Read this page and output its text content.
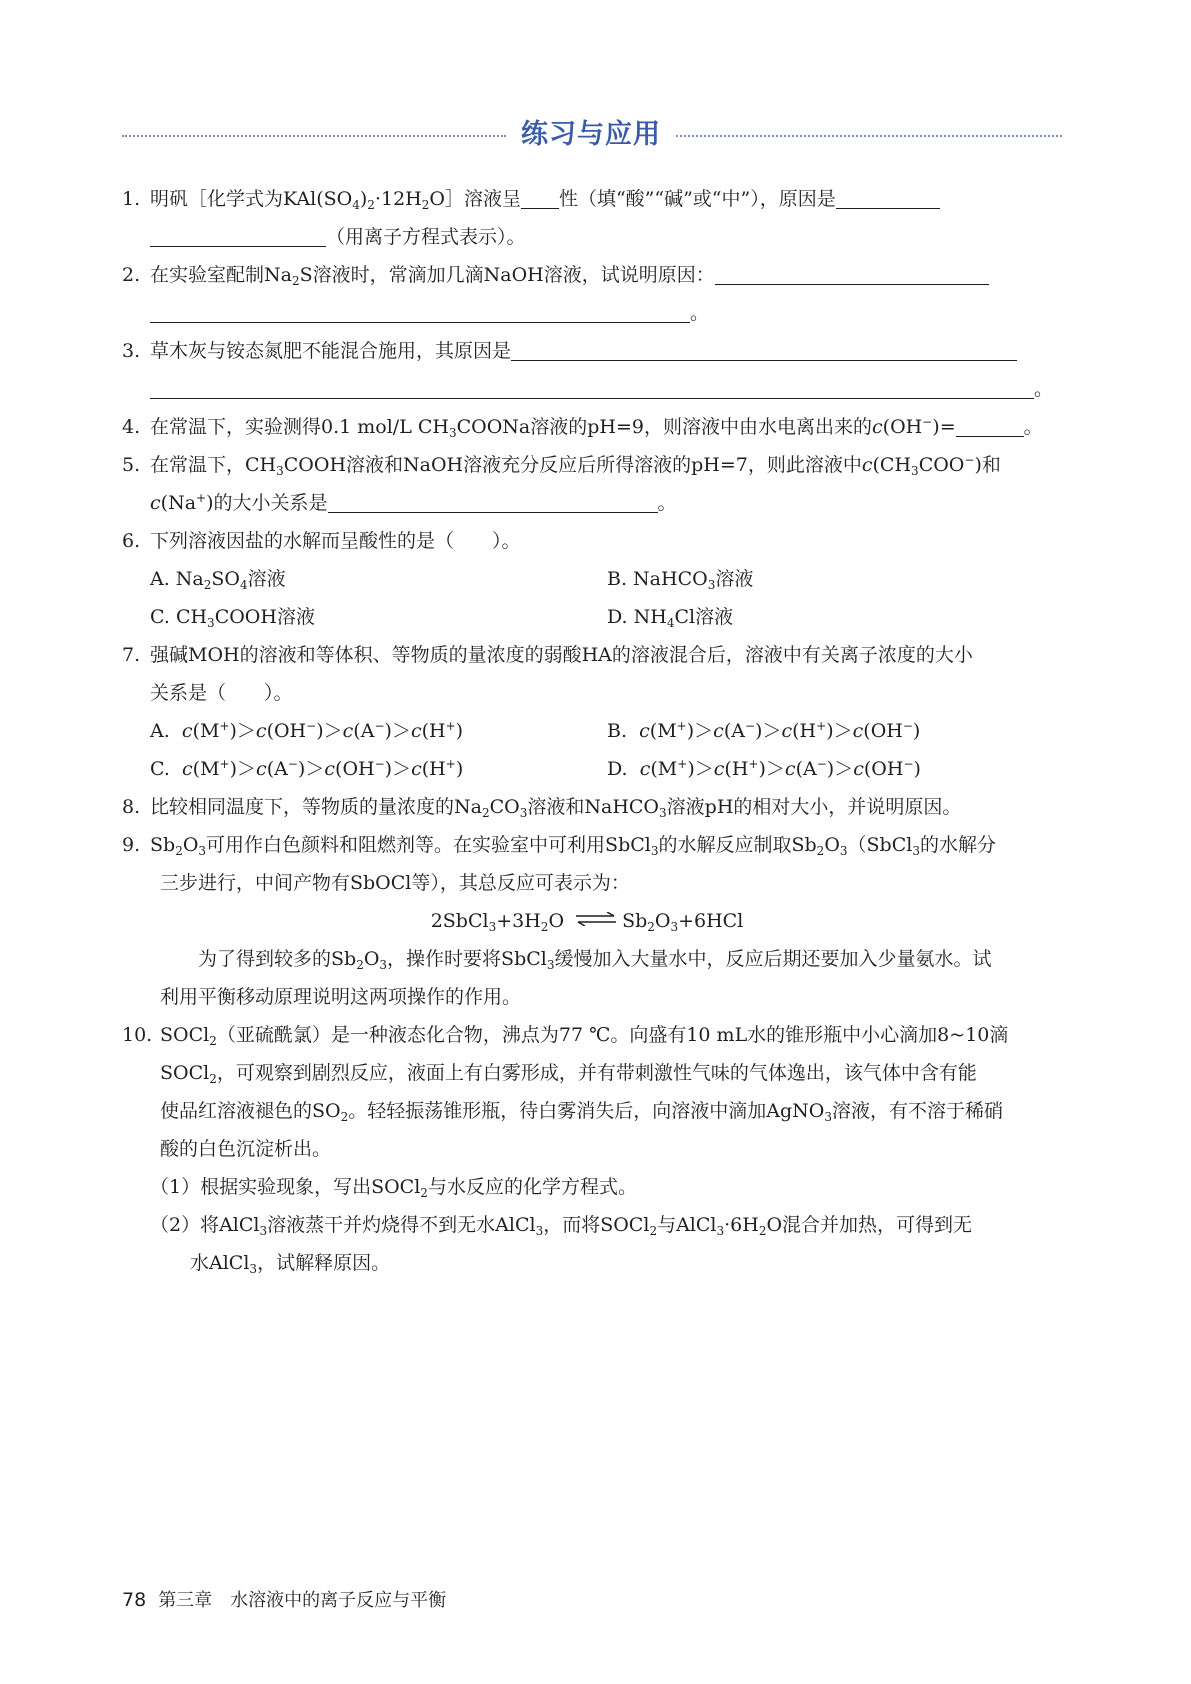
练习与应用
1. 明矾［化学式为$KAl(SO_4)_2\cdot 12H_2O]$溶液呈 性（填“酸”“碱”或“中”），原因是
（用离子方程式表示）。
2. 在实验室配制$Na_2S$溶液时，常滴加几滴NaOH溶液，试说明原因：
。
3. 草木灰与铵态氮肥不能混合施用，其原因是
。
4. 在常温下，实验测得0.1 mol/L $CH_3COONa$溶液的pH=9，则溶液中由水电离出来的c(OH−)=	。
5. 在常温下，$CH_3COOH$溶液和NaOH溶液充分反应后所得溶液的pH=7，则此溶液中$c(CH_3COO^-)$和
c(Na+)的大小关系是	。
6. 下列溶液因盐的水解而呈酸性的是（　　）。
A. $Na_2SO_4$溶液	B. NaHCO$_3$溶液
C. $CH_3COOH$溶液	D. $NH_4Cl$溶液
7. 强碱MOH的溶液和等体积、等物质的量浓度的弱酸HA的溶液混合后，溶液中有关离子浓度的大小
关系是（　　）。
A. c(M+)＞c(OH−)＞c(A−)＞c(H+)	B. c(M+)＞c(A−)＞c(H+)＞c(OH−)
C. c(M+)＞c(A−)＞c(OH−)＞c(H+)	D. c(M+)＞c(H+)＞c(A−)＞c(OH−)
8. 比较相同温度下，等物质的量浓度的$Na_2CO_3$溶液和NaHCO$_3$溶液pH的相对大小，并说明原因。
9. $Sb_2O_3$可用作白色颜料和阻燃剂等。在实验室中可利用SbCl$_3$的水解反应制取$Sb_2O_3(SbCl_3$的水解分
三步进行，中间产物有SbOCl等），其总反应可表示为：
$2SbCl_3+3H_2O$ ⇌ $Sb_2O_3+6HCl$
为了得到较多的$Sb_2O_3$，操作时要将SbCl$_3$缓慢加入大量水中，反应后期还要加入少量氨水。试
利用平衡移动原理说明这两项操作的作用。
10. SOCl$_2$（亚硫酰氯）是一种液态化合物，沸点为77 ℃。向盛有10 mL水的锥形瓶中小心滴加8~10滴
SOCl$_2$，可观察到剧烈反应，液面上有白雾形成，并有带刺激性气味的气体逸出，该气体中含有能
使品红溶液褪色的$SO_2$。轻轻振荡锥形瓶，待白雾消失后，向溶液中滴加AgNO$_3$溶液，有不溶于稀硝
酸的白色沉淀析出。
（1）根据实验现象，写出SOCl$_2$与水反应的化学方程式。
（2）将AlCl$_3$溶液蒸干并灼烧得不到无水AlCl$_3$，而将SOCl$_2$与$AlCl_3\cdot 6H_2O$混合并加热，可得到无
水AlCl$_3$，试解释原因。
78 第三章　水溶液中的离子反应与平衡
